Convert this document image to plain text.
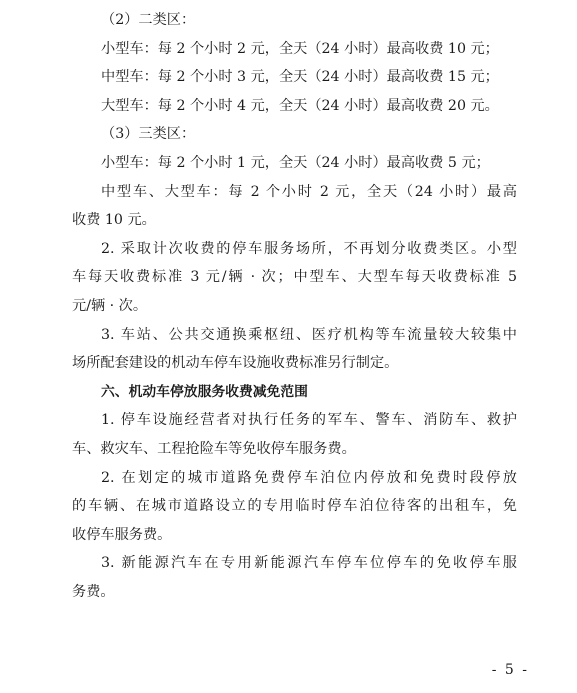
（2）二类区：
小型车：每 2 个小时 2 元，全天（24 小时）最高收费 10 元；
中型车：每 2 个小时 3 元，全天（24 小时）最高收费 15 元；
大型车：每 2 个小时 4 元，全天（24 小时）最高收费 20 元。
（3）三类区：
小型车：每 2 个小时 1 元，全天（24 小时）最高收费 5 元；
中型车、大型车：每 2 个小时 2 元，全天（24 小时）最高
收费 10 元。
2. 采取计次收费的停车服务场所，不再划分收费类区。小型
车每天收费标准 3 元/辆 · 次；中型车、大型车每天收费标准 5
元/辆 · 次。
3. 车站、公共交通换乘枢纽、医疗机构等车流量较大较集中
场所配套建设的机动车停车设施收费标准另行制定。
六、机动车停放服务收费减免范围
1. 停车设施经营者对执行任务的军车、警车、消防车、救护
车、救灾车、工程抢险车等免收停车服务费。
2. 在划定的城市道路免费停车泊位内停放和免费时段停放
的车辆、在城市道路设立的专用临时停车泊位待客的出租车，免
收停车服务费。
3. 新能源汽车在专用新能源汽车停车位停车的免收停车服
务费。
- 5 -
